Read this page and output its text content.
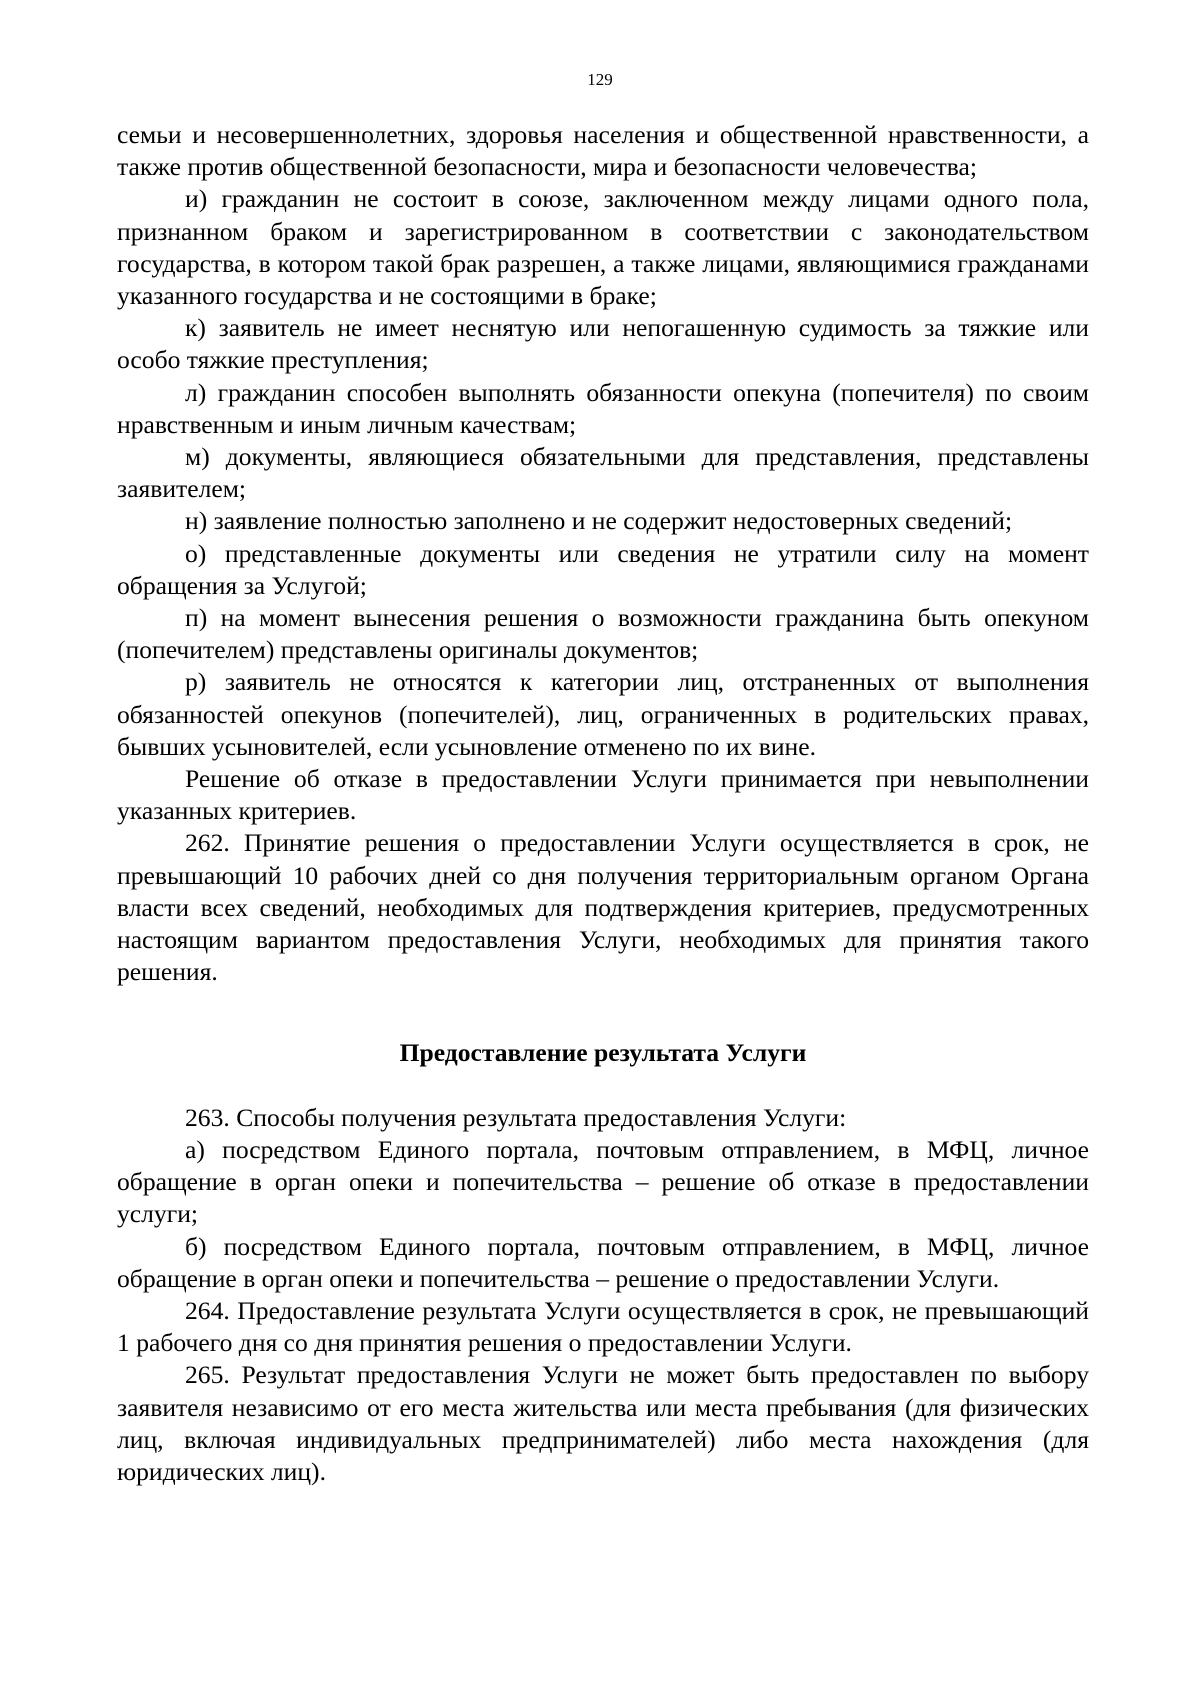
129

семьи и несовершеннолетних, здоровья населения и общественной нравственности, а также против общественной безопасности, мира и безопасности человечества;

и) гражданин не состоит в союзе, заключенном между лицами одного пола, признанном браком и зарегистрированном в соответствии с законодательством государства, в котором такой брак разрешен, а также лицами, являющимися гражданами указанного государства и не состоящими в браке;

к) заявитель не имеет неснятую или непогашенную судимость за тяжкие или особо тяжкие преступления;

л) гражданин способен выполнять обязанности опекуна (попечителя) по своим нравственным и иным личным качествам;

м) документы, являющиеся обязательными для представления, представлены заявителем;

н) заявление полностью заполнено и не содержит недостоверных сведений;

о) представленные документы или сведения не утратили силу на момент обращения за Услугой;

п) на момент вынесения решения о возможности гражданина быть опекуном (попечителем) представлены оригиналы документов;

р) заявитель не относятся к категории лиц, отстраненных от выполнения обязанностей опекунов (попечителей), лиц, ограниченных в родительских правах, бывших усыновителей, если усыновление отменено по их вине.

Решение об отказе в предоставлении Услуги принимается при невыполнении указанных критериев.

262. Принятие решения о предоставлении Услуги осуществляется в срок, не превышающий 10 рабочих дней со дня получения территориальным органом Органа власти всех сведений, необходимых для подтверждения критериев, предусмотренных настоящим вариантом предоставления Услуги, необходимых для принятия такого решения.

Предоставление результата Услуги

263. Способы получения результата предоставления Услуги:

а) посредством Единого портала, почтовым отправлением, в МФЦ, личное обращение в орган опеки и попечительства – решение об отказе в предоставлении услуги;

б) посредством Единого портала, почтовым отправлением, в МФЦ, личное обращение в орган опеки и попечительства – решение о предоставлении Услуги.

264. Предоставление результата Услуги осуществляется в срок, не превышающий 1 рабочего дня со дня принятия решения о предоставлении Услуги.

265. Результат предоставления Услуги не может быть предоставлен по выбору заявителя независимо от его места жительства или места пребывания (для физических лиц, включая индивидуальных предпринимателей) либо места нахождения (для юридических лиц).
